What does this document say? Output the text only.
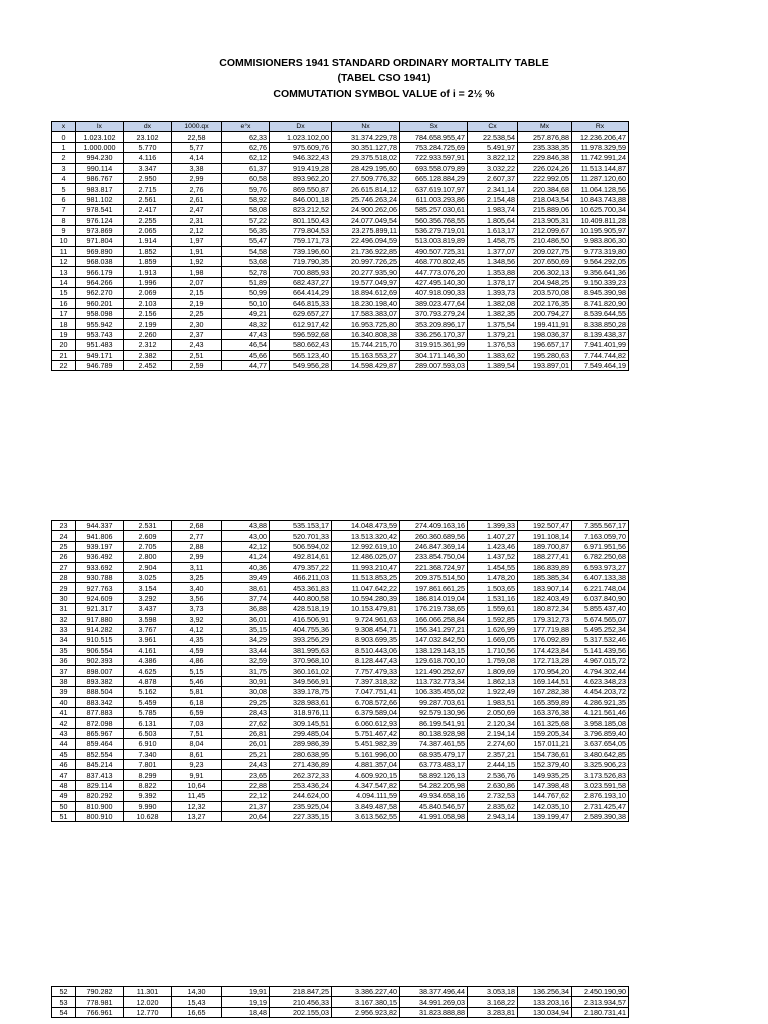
COMMISIONERS 1941 STANDARD ORDINARY MORTALITY TABLE
(TABEL CSO 1941)
COMMUTATION SYMBOL VALUE of i = 2½ %
x	lx	dx	1000.qx	e°x	Dx	Nx	Sx	Cx	Mx	Rx
0	1.023.102	23.102	22,58	62,33	1.023.102,00	31.374.229,78	784.658.955,47	22.538,54	257.876,88	12.236.206,47
1	1.000.000	5.770	5,77	62,76	975.609,76	30.351.127,78	753.284.725,69	5.491,97	235.338,35	11.978.329,59
2	994.230	4.116	4,14	62,12	946.322,43	29.375.518,02	722.933.597,91	3.822,12	229.846,38	11.742.991,24
3	990.114	3.347	3,38	61,37	919.419,28	28.429.195,60	693.558.079,89	3.032,22	226.024,26	11.513.144,87
4	986.767	2.950	2,99	60,58	893.962,20	27.509.776,32	665.128.884,29	2.607,37	222.992,05	11.287.120,60
5	983.817	2.715	2,76	59,76	869.550,87	26.615.814,12	637.619.107,97	2.341,14	220.384,68	11.064.128,56
6	981.102	2.561	2,61	58,92	846.001,18	25.746.263,24	611.003.293,86	2.154,48	218.043,54	10.843.743,88
7	978.541	2.417	2,47	58,08	823.212,52	24.900.262,06	585.257.030,61	1.983,74	215.889,06	10.625.700,34
8	976.124	2.255	2,31	57,22	801.150,43	24.077.049,54	560.356.768,55	1.805,64	213.905,31	10.409.811,28
9	973.869	2.065	2,12	56,35	779.804,53	23.275.899,11	536.279.719,01	1.613,17	212.099,67	10.195.905,97
10	971.804	1.914	1,97	55,47	759.171,73	22.496.094,59	513.003.819,89	1.458,75	210.486,50	9.983.806,30
11	969.890	1.852	1,91	54,58	739.196,60	21.736.922,85	490.507.725,31	1.377,07	209.027,75	9.773.319,80
12	968.038	1.859	1,92	53,68	719.790,35	20.997.726,25	468.770.802,45	1.348,56	207.650,69	9.564.292,05
13	966.179	1.913	1,98	52,78	700.885,93	20.277.935,90	447.773.076,20	1.353,88	206.302,13	9.356.641,36
14	964.266	1.996	2,07	51,89	682.437,27	19.577.049,97	427.495.140,30	1.378,17	204.948,25	9.150.339,23
15	962.270	2.069	2,15	50,99	664.414,29	18.894.612,69	407.918.090,33	1.393,73	203.570,08	8.945.390,98
16	960.201	2.103	2,19	50,10	646.815,33	18.230.198,40	389.023.477,64	1.382,08	202.176,35	8.741.820,90
17	958.098	2.156	2,25	49,21	629.657,27	17.583.383,07	370.793.279,24	1.382,35	200.794,27	8.539.644,55
18	955.942	2.199	2,30	48,32	612.917,42	16.953.725,80	353.209.896,17	1.375,54	199.411,91	8.338.850,28
19	953.743	2.260	2,37	47,43	596.592,68	16.340.808,38	336.256.170,37	1.379,21	198.036,37	8.139.438,37
20	951.483	2.312	2,43	46,54	580.662,43	15.744.215,70	319.915.361,99	1.376,53	196.657,17	7.941.401,99
21	949.171	2.382	2,51	45,66	565.123,40	15.163.553,27	304.171.146,30	1.383,62	195.280,63	7.744.744,82
22	946.789	2.452	2,59	44,77	549.956,28	14.598.429,87	289.007.593,03	1.389,54	193.897,01	7.549.464,19
23	944.337	2.531	2,68	43,88	535.153,17	14.048.473,59	274.409.163,16	1.399,33	192.507,47	7.355.567,17
24	941.806	2.609	2,77	43,00	520.701,33	13.513.320,42	260.360.689,56	1.407,27	191.108,14	7.163.059,70
25	939.197	2.705	2,88	42,12	506.594,02	12.992.619,10	246.847.369,14	1.423,46	189.700,87	6.971.951,56
26	936.492	2.800	2,99	41,24	492.814,61	12.486.025,07	233.854.750,04	1.437,52	188.277,41	6.782.250,68
27	933.692	2.904	3,11	40,36	479.357,22	11.993.210,47	221.368.724,97	1.454,55	186.839,89	6.593.973,27
28	930.788	3.025	3,25	39,49	466.211,03	11.513.853,25	209.375.514,50	1.478,20	185.385,34	6.407.133,38
29	927.763	3.154	3,40	38,61	453.361,83	11.047.642,22	197.861.661,25	1.503,65	183.907,14	6.221.748,04
30	924.609	3.292	3,56	37,74	440.800,58	10.594.280,39	186.814.019,04	1.531,16	182.403,49	6.037.840,90
31	921.317	3.437	3,73	36,88	428.518,19	10.153.479,81	176.219.738,65	1.559,61	180.872,34	5.855.437,40
32	917.880	3.598	3,92	36,01	416.506,91	9.724.961,63	166.066.258,84	1.592,85	179.312,73	5.674.565,07
33	914.282	3.767	4,12	35,15	404.755,36	9.308.454,71	156.341.297,21	1.626,99	177.719,88	5.495.252,34
34	910.515	3.961	4,35	34,29	393.256,29	8.903.699,35	147.032.842,50	1.669,05	176.092,89	5.317.532,46
35	906.554	4.161	4,59	33,44	381.995,63	8.510.443,06	138.129.143,15	1.710,56	174.423,84	5.141.439,56
36	902.393	4.386	4,86	32,59	370.968,10	8.128.447,43	129.618.700,10	1.759,08	172.713,28	4.967.015,72
37	898.007	4.625	5,15	31,75	360.161,02	7.757.479,33	121.490.252,67	1.809,69	170.954,20	4.794.302,44
38	893.382	4.878	5,46	30,91	349.566,91	7.397.318,32	113.732.773,34	1.862,13	169.144,51	4.623.348,23
39	888.504	5.162	5,81	30,08	339.178,75	7.047.751,41	106.335.455,02	1.922,49	167.282,38	4.454.203,72
40	883.342	5.459	6,18	29,25	328.983,61	6.708.572,66	99.287.703,61	1.983,51	165.359,89	4.286.921,35
41	877.883	5.785	6,59	28,43	318.976,11	6.379.589,04	92.579.130,96	2.050,69	163.376,38	4.121.561,46
42	872.098	6.131	7,03	27,62	309.145,51	6.060.612,93	86.199.541,91	2.120,34	161.325,68	3.958.185,08
43	865.967	6.503	7,51	26,81	299.485,04	5.751.467,42	80.138.928,98	2.194,14	159.205,34	3.796.859,40
44	859.464	6.910	8,04	26,01	289.986,39	5.451.982,39	74.387.461,55	2.274,60	157.011,21	3.637.654,05
45	852.554	7.340	8,61	25,21	280.638,95	5.161.996,00	68.935.479,17	2.357,21	154.736,61	3.480.642,85
46	845.214	7.801	9,23	24,43	271.436,89	4.881.357,04	63.773.483,17	2.444,15	152.379,40	3.325.906,23
47	837.413	8.299	9,91	23,65	262.372,33	4.609.920,15	58.892.126,13	2.536,76	149.935,25	3.173.526,83
48	829.114	8.822	10,64	22,88	253.436,24	4.347.547,82	54.282.205,98	2.630,86	147.398,48	3.023.591,58
49	820.292	9.392	11,45	22,12	244.624,00	4.094.111,59	49.934.658,16	2.732,53	144.767,62	2.876.193,10
50	810.900	9.990	12,32	21,37	235.925,04	3.849.487,58	45.840.546,57	2.835,62	142.035,10	2.731.425,47
51	800.910	10.628	13,27	20,64	227.335,15	3.613.562,55	41.991.058,98	2.943,14	139.199,47	2.589.390,38
52	790.282	11.301	14,30	19,91	218.847,25	3.386.227,40	38.377.496,44	3.053,18	136.256,34	2.450.190,90
53	778.981	12.020	15,43	19,19	210.456,33	3.167.380,15	34.991.269,03	3.168,22	133.203,16	2.313.934,57
54	766.961	12.770	16,65	18,48	202.155,03	2.956.923,82	31.823.888,88	3.283,81	130.034,94	2.180.731,41
